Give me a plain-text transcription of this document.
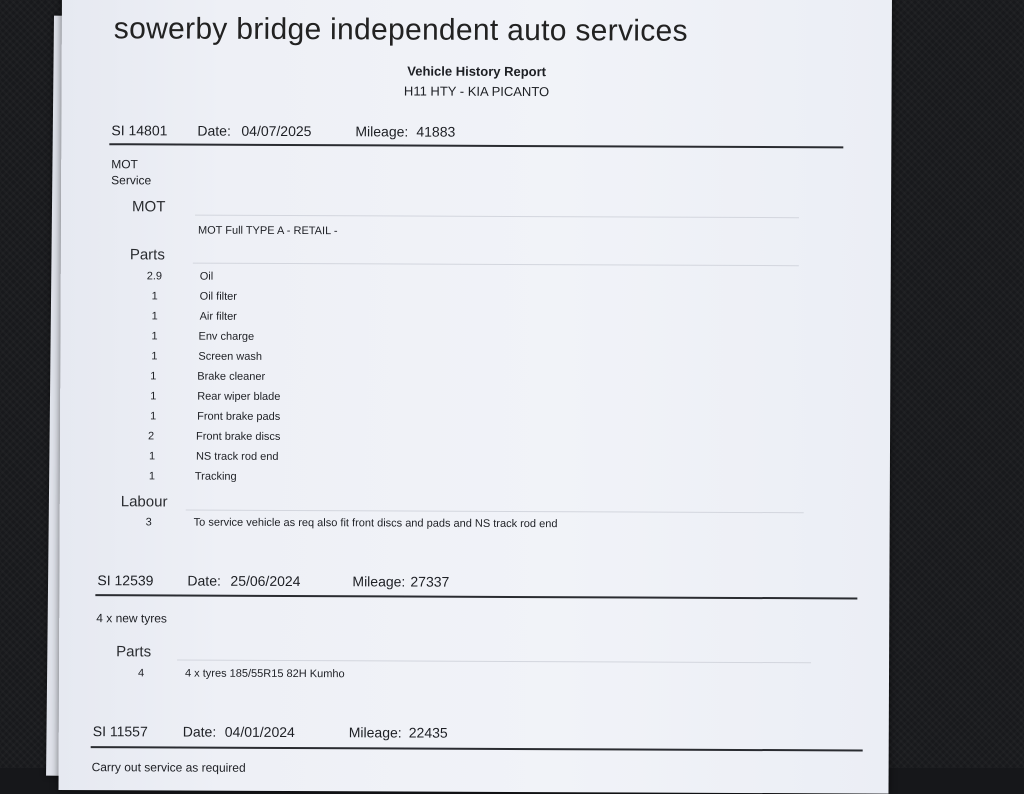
sowerby bridge independent auto services
Vehicle History Report
H11 HTY - KIA PICANTO
SI 14801 Date: 04/07/2025	Mileage: 41883
MOT
Service
MOT
MOT Full TYPE A - RETAIL -
Parts
2.9	Oil
1	Oil filter
1	Air filter
1	Env charge
1	Screen wash
1	Brake cleaner
1	Rear wiper blade
1	Front brake pads
2	Front brake discs
1	NS track rod end
1	Tracking
Labour
3	To service vehicle as req also fit front discs and pads and NS track rod end
SI 12539 Date: 25/06/2024	Mileage: 27337
4 x new tyres
Parts
4	4 x tyres 185/55R15 82H Kumho
SI 11557 Date: 04/01/2024	Mileage: 22435
Carry out service as required
